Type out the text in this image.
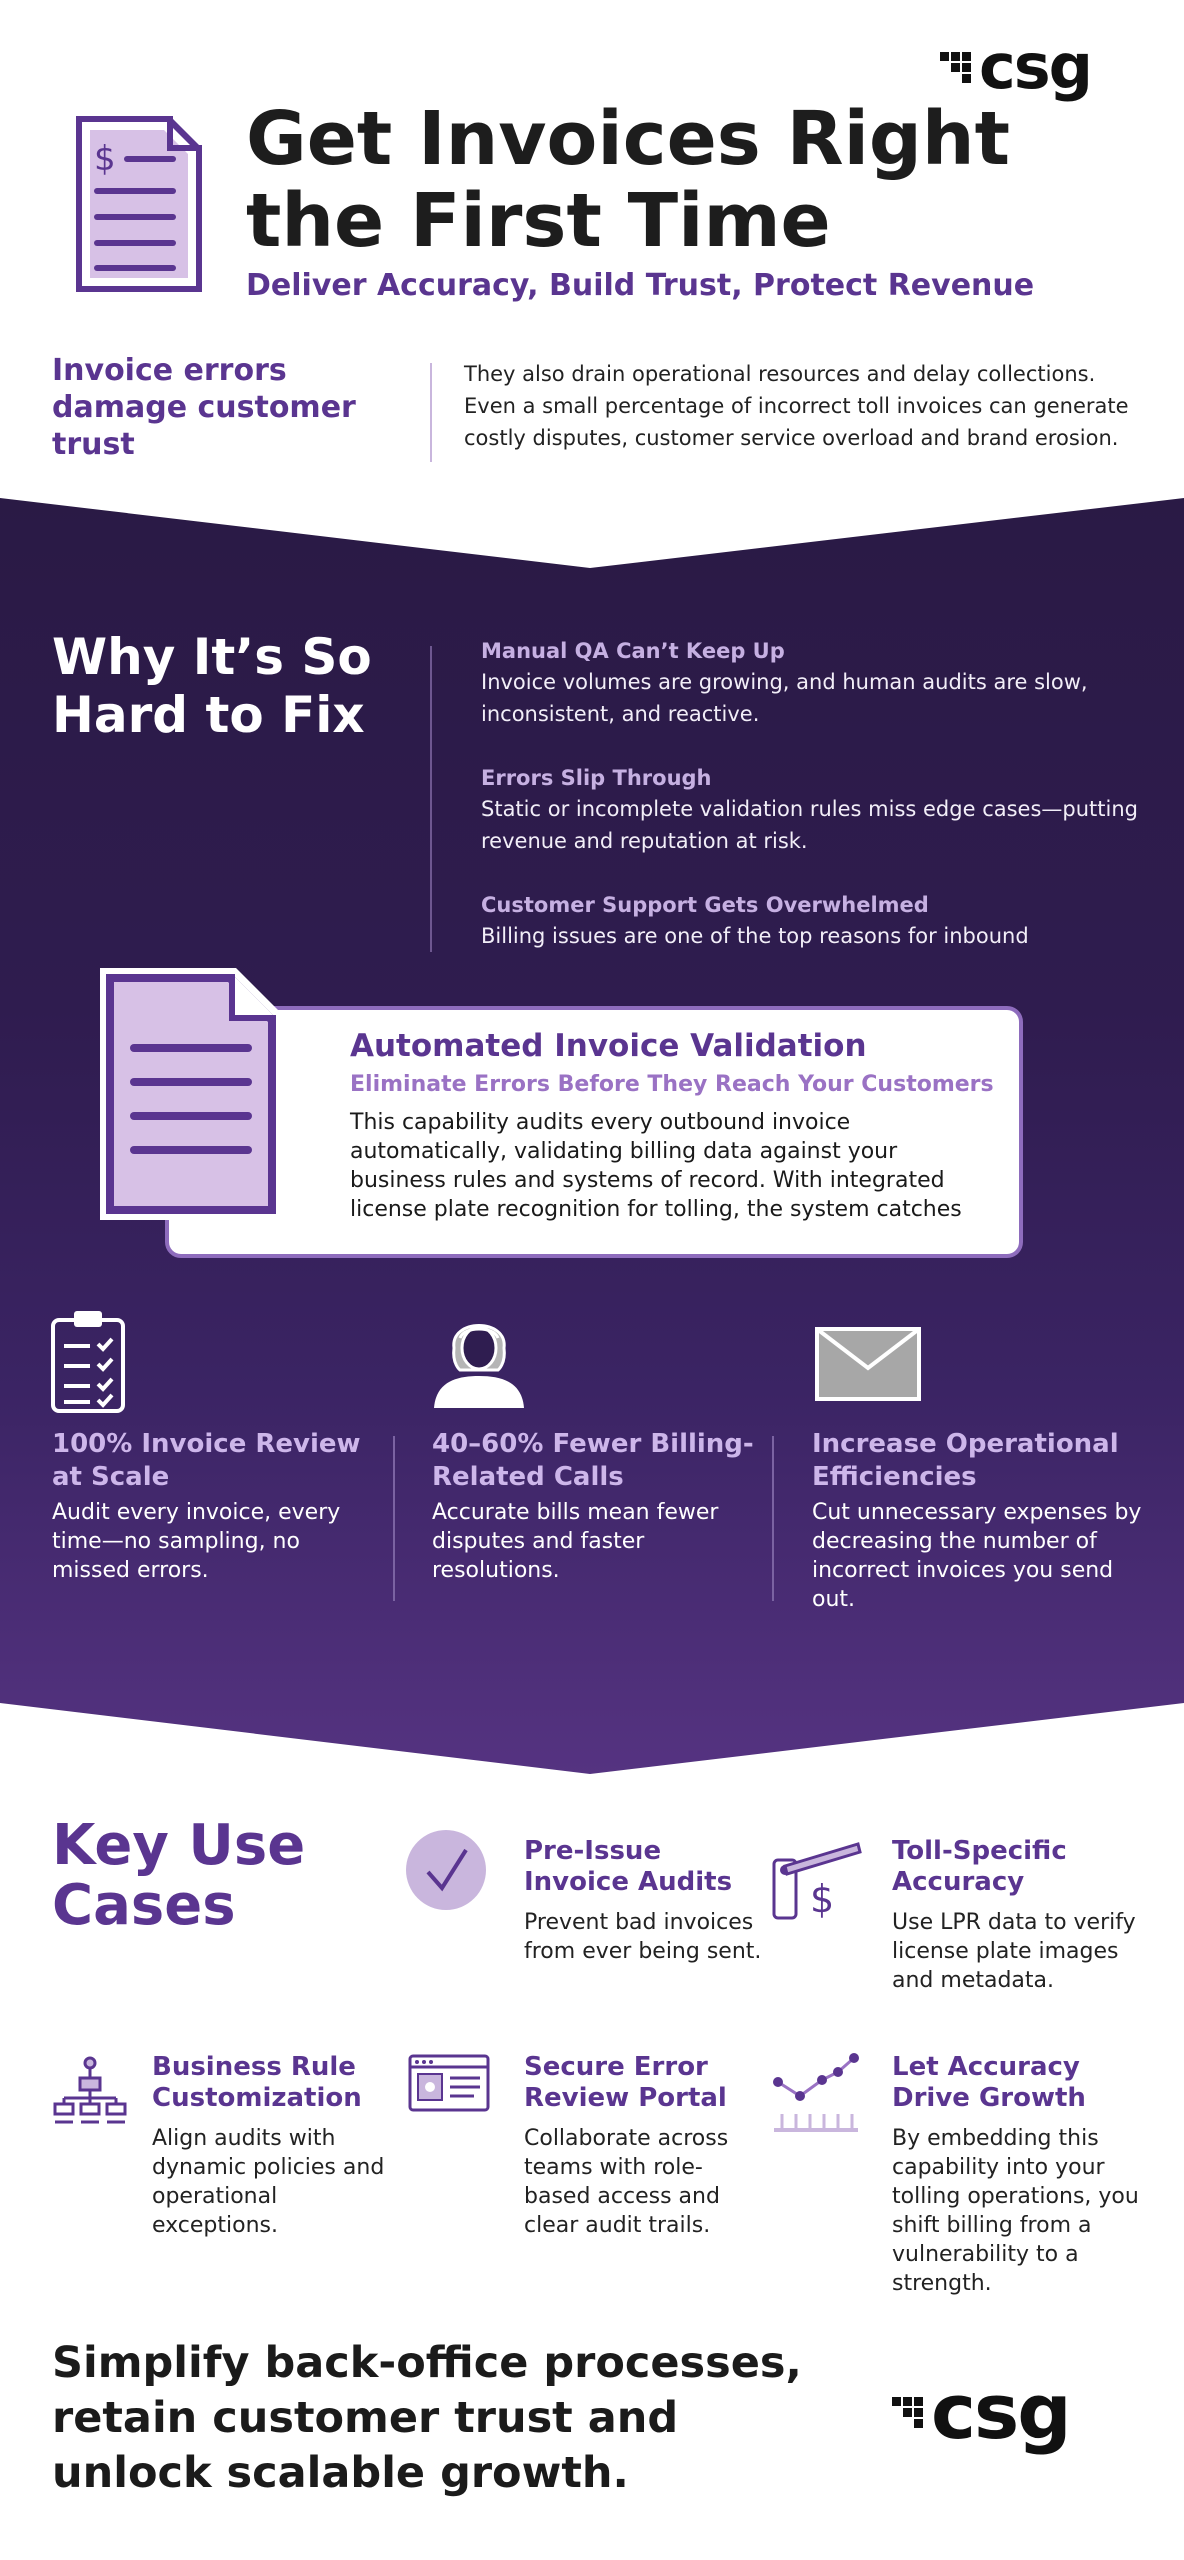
csg
$ Get Invoices Right
the First Time
Deliver Accuracy, Build Trust, Protect Revenue
Invoice errors damage customer trust
They also drain operational resources and delay collections. Even a small percentage of incorrect toll invoices can generate costly disputes, customer service overload and brand erosion.
Why It’s So Hard to Fix
Manual QA Can’t Keep Up
Invoice volumes are growing, and human audits are slow, inconsistent, and reactive.
Errors Slip Through
Static or incomplete validation rules miss edge cases—putting revenue and reputation at risk.
Customer Support Gets Overwhelmed
Billing issues are one of the top reasons for inbound
Automated Invoice Validation
Eliminate Errors Before They Reach Your Customers
This capability audits every outbound invoice automatically, validating billing data against your business rules and systems of record. With integrated license plate recognition for tolling, the system catches
100% Invoice Review at Scale
Audit every invoice, every time—no sampling, no missed errors.
40–60% Fewer Billing-Related Calls
Accurate bills mean fewer disputes and faster resolutions.
Increase Operational Efficiencies
Cut unnecessary expenses by decreasing the number of incorrect invoices you send out.
Key Use Cases
Pre-Issue Invoice Audits
Prevent bad invoices from ever being sent.
$
Toll-Specific Accuracy
Use LPR data to verify license plate images and metadata.
Business Rule Customization
Align audits with dynamic policies and operational exceptions.
Secure Error Review Portal
Collaborate across teams with role-based access and clear audit trails.
Let Accuracy Drive Growth
By embedding this capability into your tolling operations, you shift billing from a vulnerability to a strength.
Simplify back-office processes, retain customer trust and unlock scalable growth.
csg
